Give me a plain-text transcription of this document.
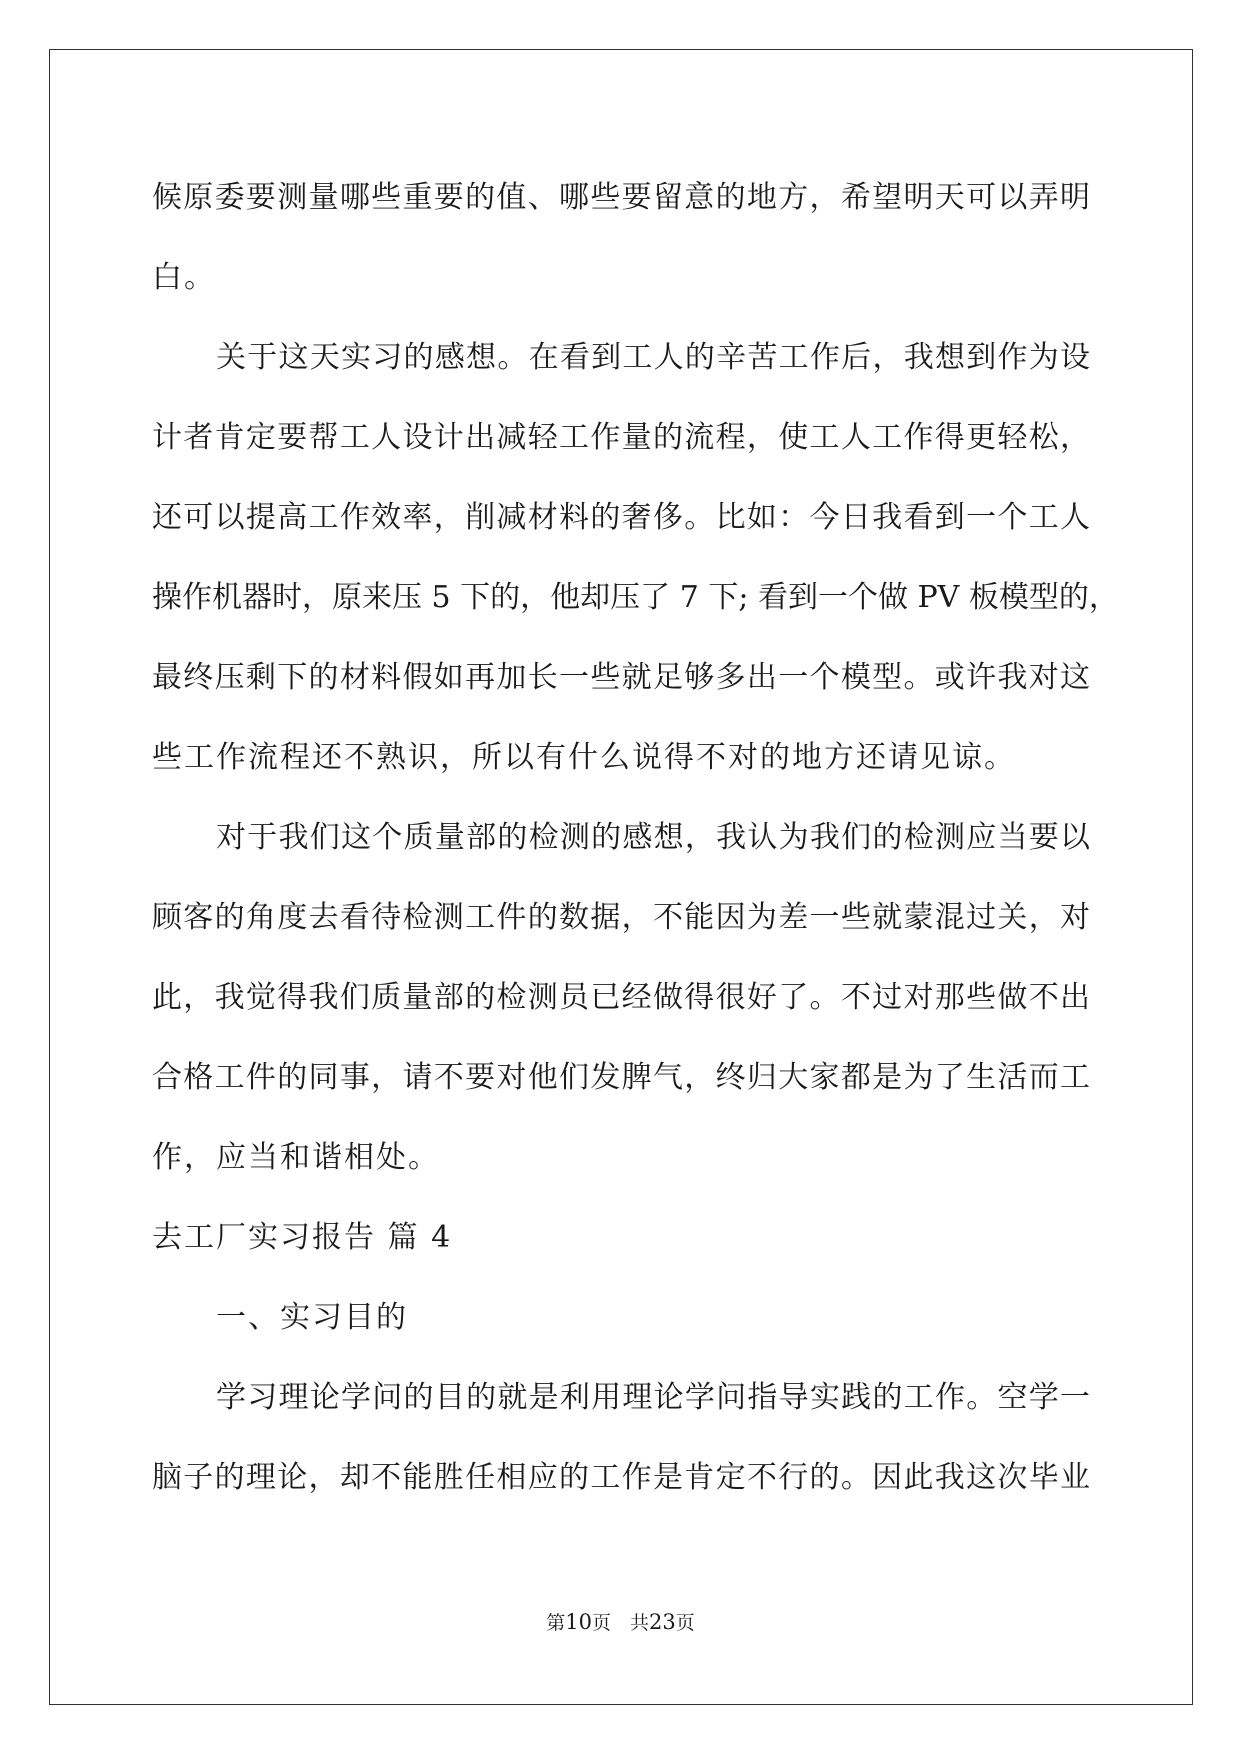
候原委要测量哪些重要的值、哪些要留意的地方，希望明天可以弄明
白。
关于这天实习的感想。在看到工人的辛苦工作后，我想到作为设
计者肯定要帮工人设计出减轻工作量的流程，使工人工作得更轻松，
还可以提高工作效率，削减材料的奢侈。比如：今日我看到一个工人
操作机器时，原来压 5 下的，他却压了 7 下; 看到一个做 PV 板模型的，
最终压剩下的材料假如再加长一些就足够多出一个模型。或许我对这
些工作流程还不熟识，所以有什么说得不对的地方还请见谅。
对于我们这个质量部的检测的感想，我认为我们的检测应当要以
顾客的角度去看待检测工件的数据，不能因为差一些就蒙混过关，对
此，我觉得我们质量部的检测员已经做得很好了。不过对那些做不出
合格工件的同事，请不要对他们发脾气，终归大家都是为了生活而工
作，应当和谐相处。
去工厂实习报告 篇 4
一、实习目的
学习理论学问的目的就是利用理论学问指导实践的工作。空学一
脑子的理论，却不能胜任相应的工作是肯定不行的。因此我这次毕业
第10页　共23页
